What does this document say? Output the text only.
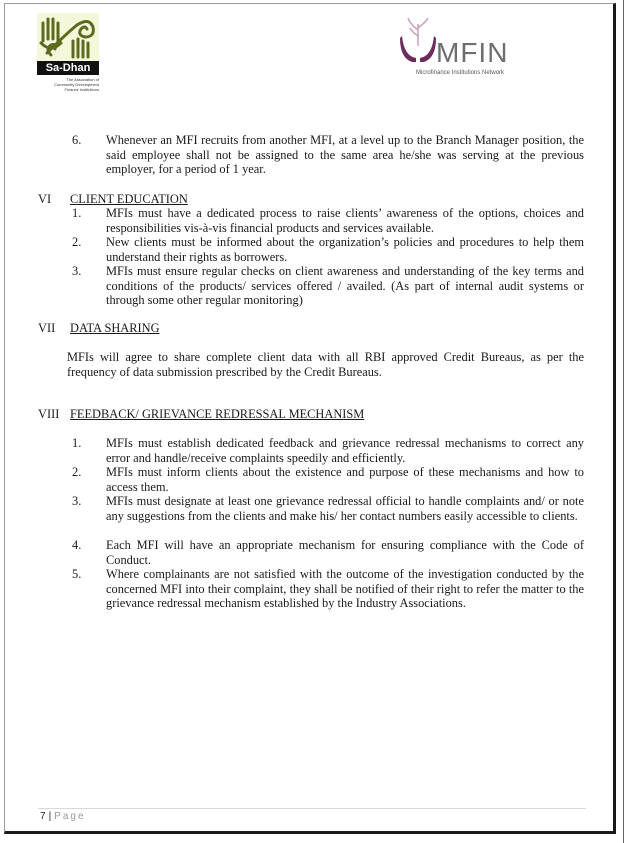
Sa-Dhan
The Association of Community Development Finance Institutions
MFIN
Microfinance Institutions Network
6. Whenever an MFI recruits from another MFI, at a level up to the Branch Manager position, the said employee shall not be assigned to the same area he/she was serving at the previous employer, for a period of 1 year.
VI CLIENT EDUCATION
1. MFIs must have a dedicated process to raise clients’ awareness of the options, choices and responsibilities vis-à-vis financial products and services available.
2. New clients must be informed about the organization’s policies and procedures to help them understand their rights as borrowers.
3. MFIs must ensure regular checks on client awareness and understanding of the key terms and conditions of the products/ services offered / availed. (As part of internal audit systems or through some other regular monitoring)
VII DATA SHARING
MFIs will agree to share complete client data with all RBI approved Credit Bureaus, as per the frequency of data submission prescribed by the Credit Bureaus.
VIII FEEDBACK/ GRIEVANCE REDRESSAL MECHANISM
1. MFIs must establish dedicated feedback and grievance redressal mechanisms to correct any error and handle/receive complaints speedily and efficiently.
2. MFIs must inform clients about the existence and purpose of these mechanisms and how to access them.
3. MFIs must designate at least one grievance redressal official to handle complaints and/ or note any suggestions from the clients and make his/ her contact numbers easily accessible to clients.
4. Each MFI will have an appropriate mechanism for ensuring compliance with the Code of Conduct.
5. Where complainants are not satisfied with the outcome of the investigation conducted by the concerned MFI into their complaint, they shall be notified of their right to refer the matter to the grievance redressal mechanism established by the Industry Associations.
7 | Page
